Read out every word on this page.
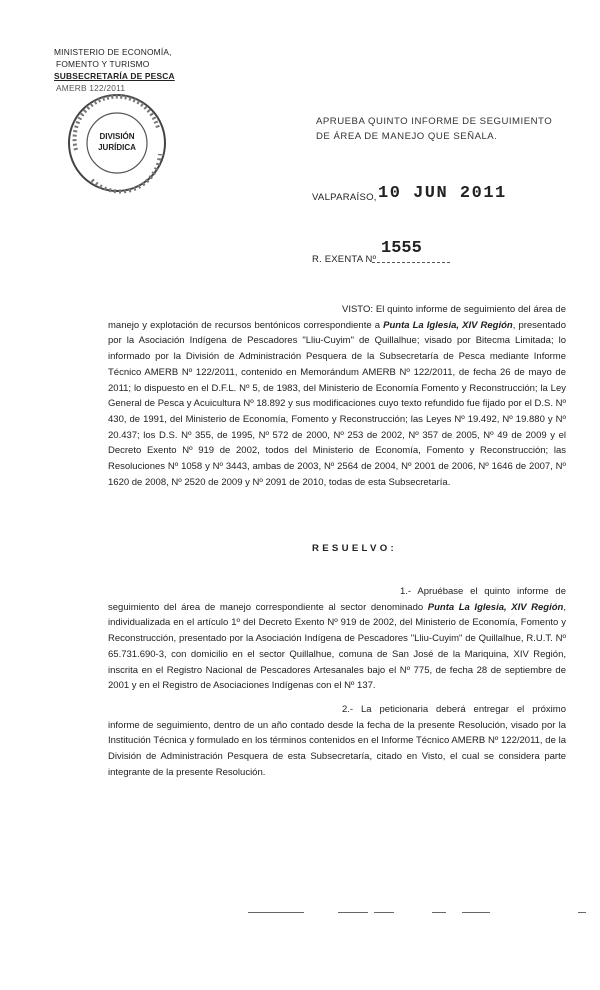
MINISTERIO DE ECONOMÍA,
FOMENTO Y TURISMO
SUBSECRETARÍA DE PESCA
AMERB 122/2011
DIVISIÓN
JURÍDICA
APRUEBA QUINTO INFORME DE SEGUIMIENTO DE ÁREA DE MANEJO QUE SEÑALA.
VALPARAÍSO, 10 JUN 2011
R. EXENTA Nº
1555
VISTO: El quinto informe de seguimiento del área de manejo y explotación de recursos bentónicos correspondiente a Punta La Iglesia, XIV Región, presentado por la Asociación Indígena de Pescadores "Lliu-Cuyim" de Quillalhue; visado por Bitecma Limitada; lo informado por la División de Administración Pesquera de la Subsecretaría de Pesca mediante Informe Técnico AMERB Nº 122/2011, contenido en Memorándum AMERB Nº 122/2011, de fecha 26 de mayo de 2011; lo dispuesto en el D.F.L. Nº 5, de 1983, del Ministerio de Economía Fomento y Reconstrucción; la Ley General de Pesca y Acuicultura Nº 18.892 y sus modificaciones cuyo texto refundido fue fijado por el D.S. Nº 430, de 1991, del Ministerio de Economía, Fomento y Reconstrucción; las Leyes Nº 19.492, Nº 19.880 y Nº 20.437; los D.S. Nº 355, de 1995, Nº 572 de 2000, Nº 253 de 2002, Nº 357 de 2005, Nº 49 de 2009 y el Decreto Exento Nº 919 de 2002, todos del Ministerio de Economía, Fomento y Reconstrucción; las Resoluciones Nº 1058 y Nº 3443, ambas de 2003, Nº 2564 de 2004, Nº 2001 de 2006, Nº 1646 de 2007, Nº 1620 de 2008, Nº 2520 de 2009 y Nº 2091 de 2010, todas de esta Subsecretaría.
RESUELVO:
1.- Apruébase el quinto informe de seguimiento del área de manejo correspondiente al sector denominado Punta La Iglesia, XIV Región, individualizada en el artículo 1º del Decreto Exento Nº 919 de 2002, del Ministerio de Economía, Fomento y Reconstrucción, presentado por la Asociación Indígena de Pescadores "Lliu-Cuyim" de Quillalhue, R.U.T. Nº 65.731.690-3, con domicilio en el sector Quillalhue, comuna de San José de la Mariquina, XIV Región, inscrita en el Registro Nacional de Pescadores Artesanales bajo el Nº 775, de fecha 28 de septiembre de 2001 y en el Registro de Asociaciones Indígenas con el Nº 137.
2.- La peticionaria deberá entregar el próximo informe de seguimiento, dentro de un año contado desde la fecha de la presente Resolución, visado por la Institución Técnica y formulado en los términos contenidos en el Informe Técnico AMERB Nº 122/2011, de la División de Administración Pesquera de esta Subsecretaría, citado en Visto, el cual se considera parte integrante de la presente Resolución.
